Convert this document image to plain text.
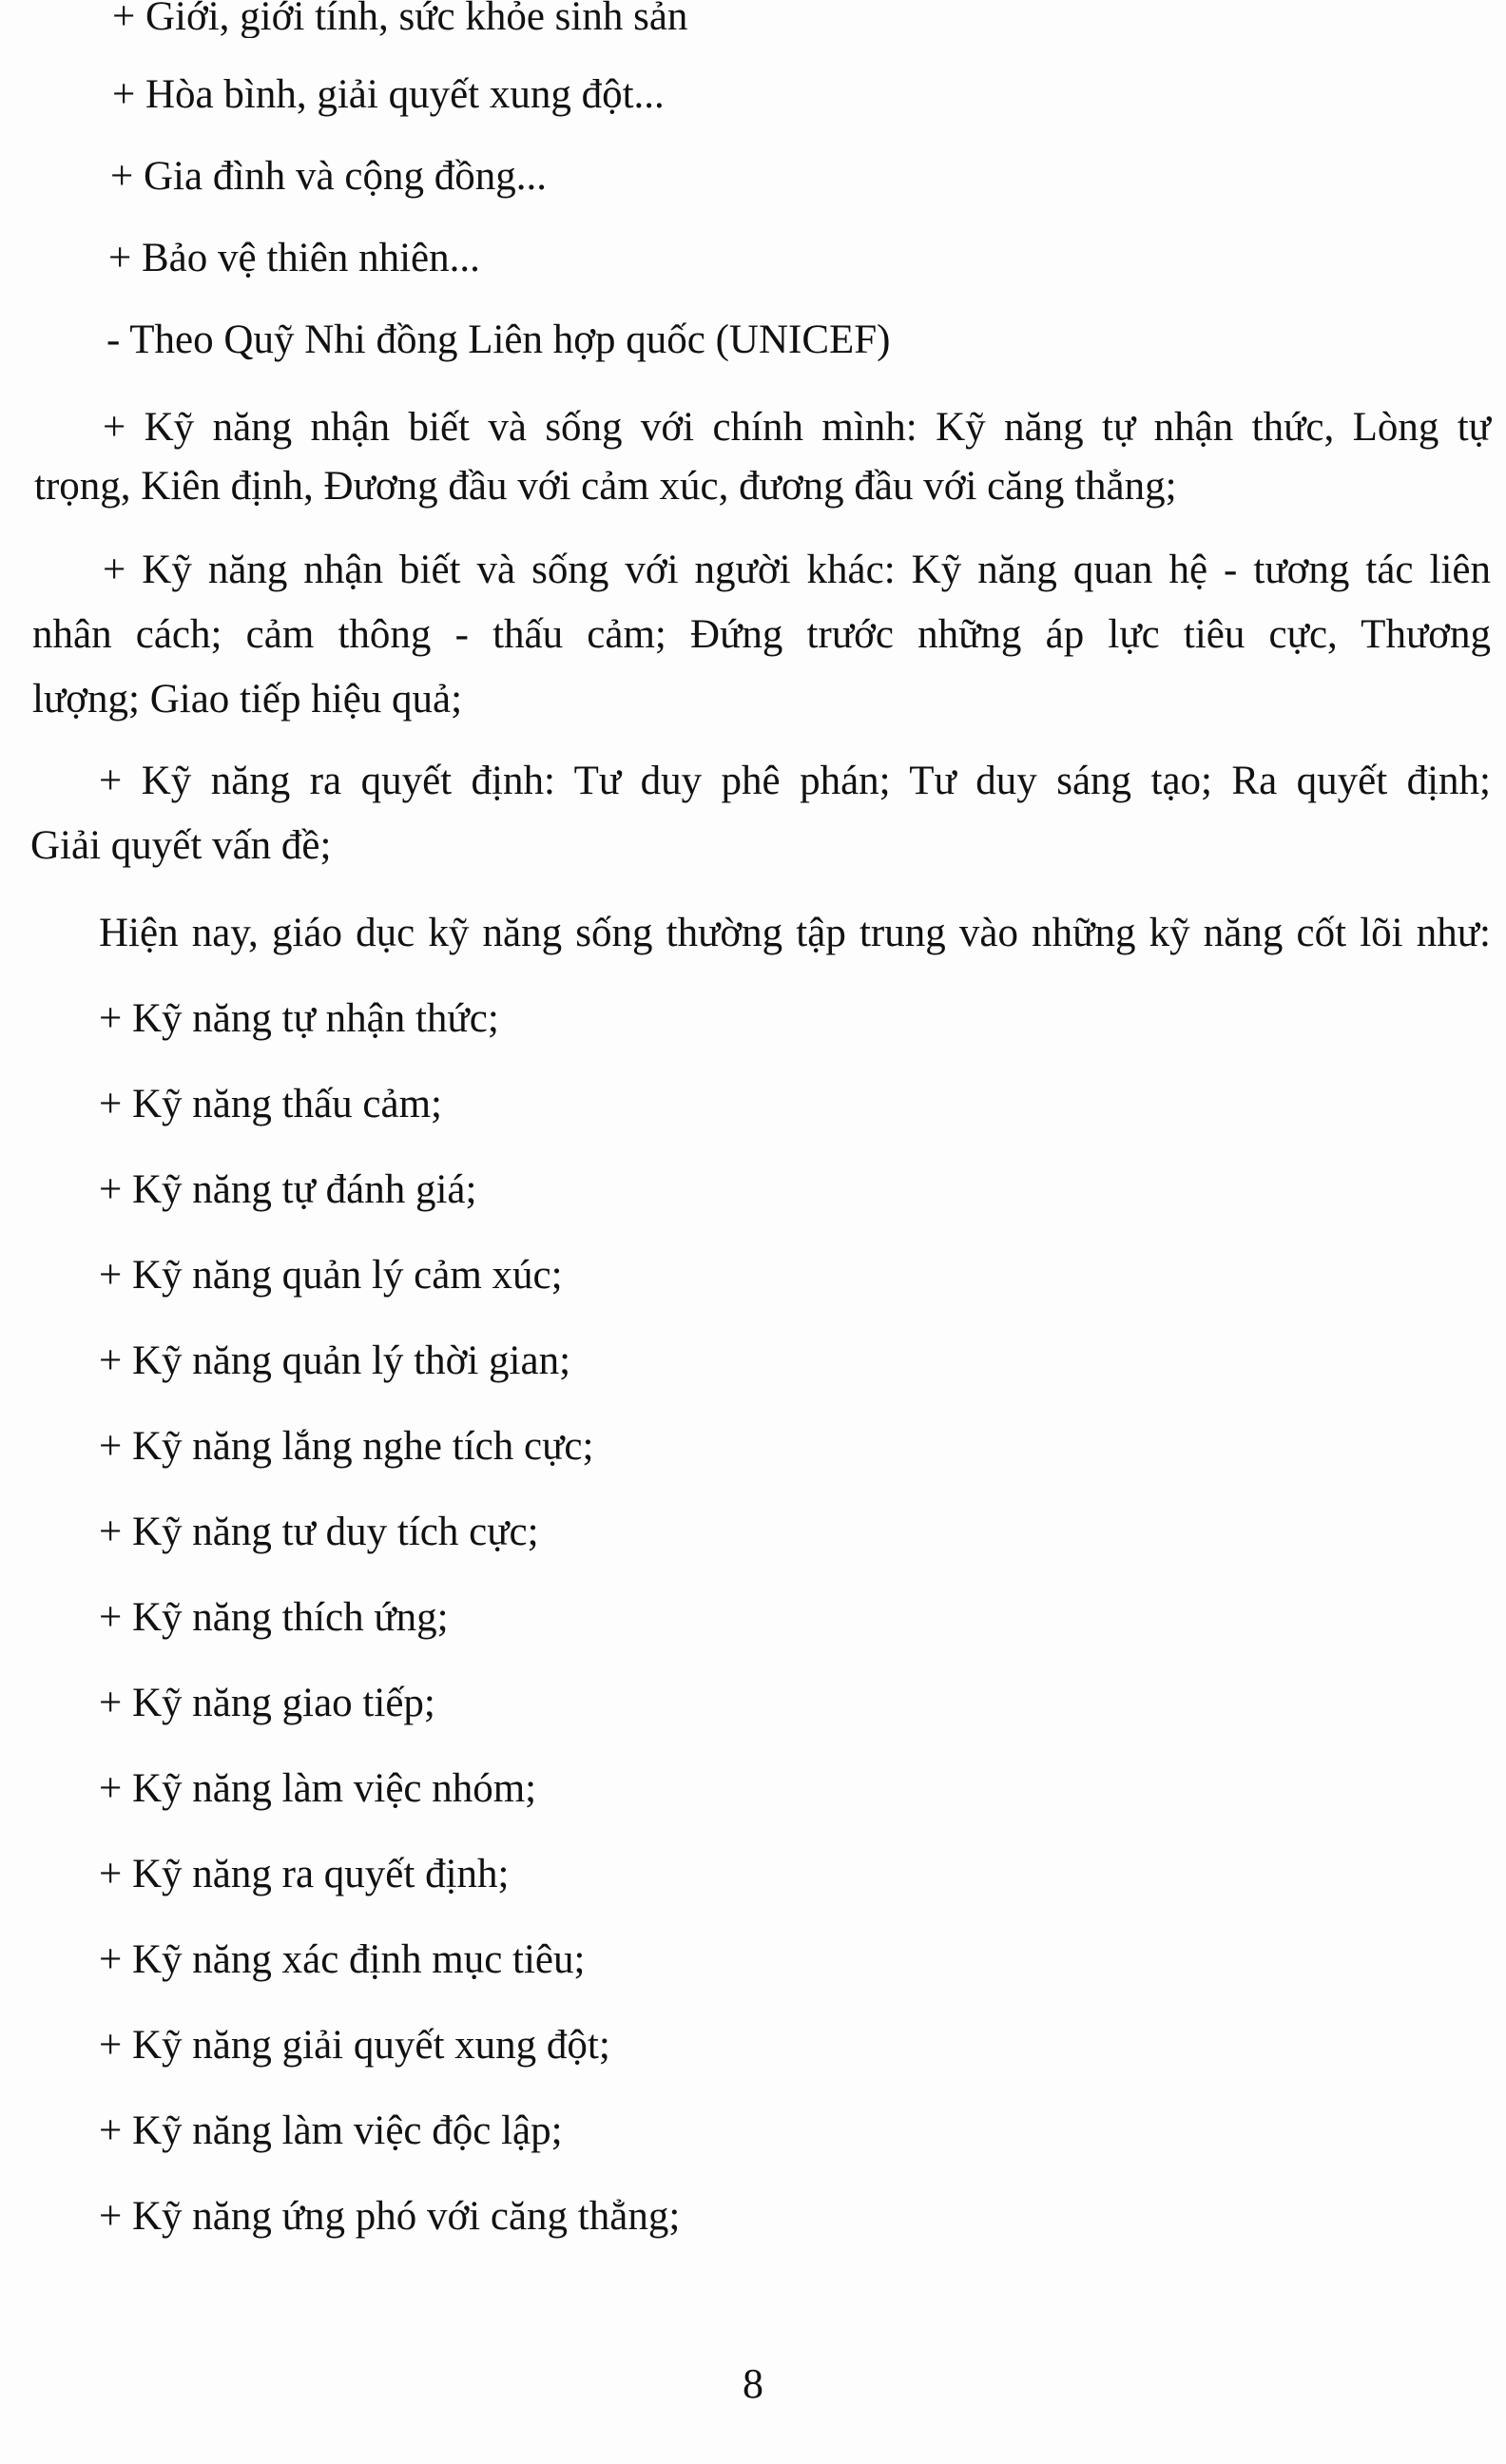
+ Giới, giới tính, sức khỏe sinh sản
+ Hòa bình, giải quyết xung đột...
+ Gia đình và cộng đồng...
+ Bảo vệ thiên nhiên...
- Theo Quỹ Nhi đồng Liên hợp quốc (UNICEF)
+ Kỹ năng nhận biết và sống với chính mình: Kỹ năng tự nhận thức, Lòng tự
trọng, Kiên định, Đương đầu với cảm xúc, đương đầu với căng thẳng;
+ Kỹ năng nhận biết và sống với người khác: Kỹ năng quan hệ - tương tác liên
nhân cách; cảm thông - thấu cảm; Đứng trước những áp lực tiêu cực, Thương
lượng; Giao tiếp hiệu quả;
+ Kỹ năng ra quyết định: Tư duy phê phán; Tư duy sáng tạo; Ra quyết định;
Giải quyết vấn đề;
Hiện nay, giáo dục kỹ năng sống thường tập trung vào những kỹ năng cốt lõi như:
+ Kỹ năng tự nhận thức;
+ Kỹ năng thấu cảm;
+ Kỹ năng tự đánh giá;
+ Kỹ năng quản lý cảm xúc;
+ Kỹ năng quản lý thời gian;
+ Kỹ năng lắng nghe tích cực;
+ Kỹ năng tư duy tích cực;
+ Kỹ năng thích ứng;
+ Kỹ năng giao tiếp;
+ Kỹ năng làm việc nhóm;
+ Kỹ năng ra quyết định;
+ Kỹ năng xác định mục tiêu;
+ Kỹ năng giải quyết xung đột;
+ Kỹ năng làm việc độc lập;
+ Kỹ năng ứng phó với căng thẳng;
8
